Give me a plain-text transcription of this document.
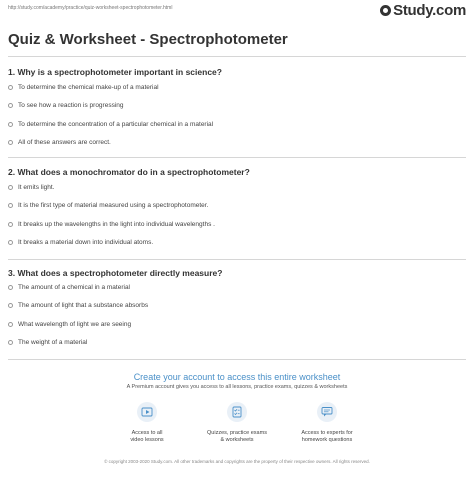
http://study.com/academy/practice/quiz-worksheet-spectrophotometer.html	Study.com
Quiz & Worksheet - Spectrophotometer
1. Why is a spectrophotometer important in science?
To determine the chemical make-up of a material
To see how a reaction is progressing
To determine the concentration of a particular chemical in a material
All of these answers are correct.
2. What does a monochromator do in a spectrophotometer?
It emits light.
It is the first type of material measured using a spectrophotometer.
It breaks up the wavelengths in the light into individual wavelengths .
It breaks a material down into individual atoms.
3. What does a spectrophotometer directly measure?
The amount of a chemical in a material
The amount of light that a substance absorbs
What wavelength of light we are seeing
The weight of a material
Create your account to access this entire worksheet
A Premium account gives you access to all lessons, practice exams, quizzes & worksheets
Access to all
video lessons
Quizzes, practice exams
& worksheets
Access to experts for
homework questions
© copyright 2003-2020 Study.com. All other trademarks and copyrights are the property of their respective owners. All rights reserved.
